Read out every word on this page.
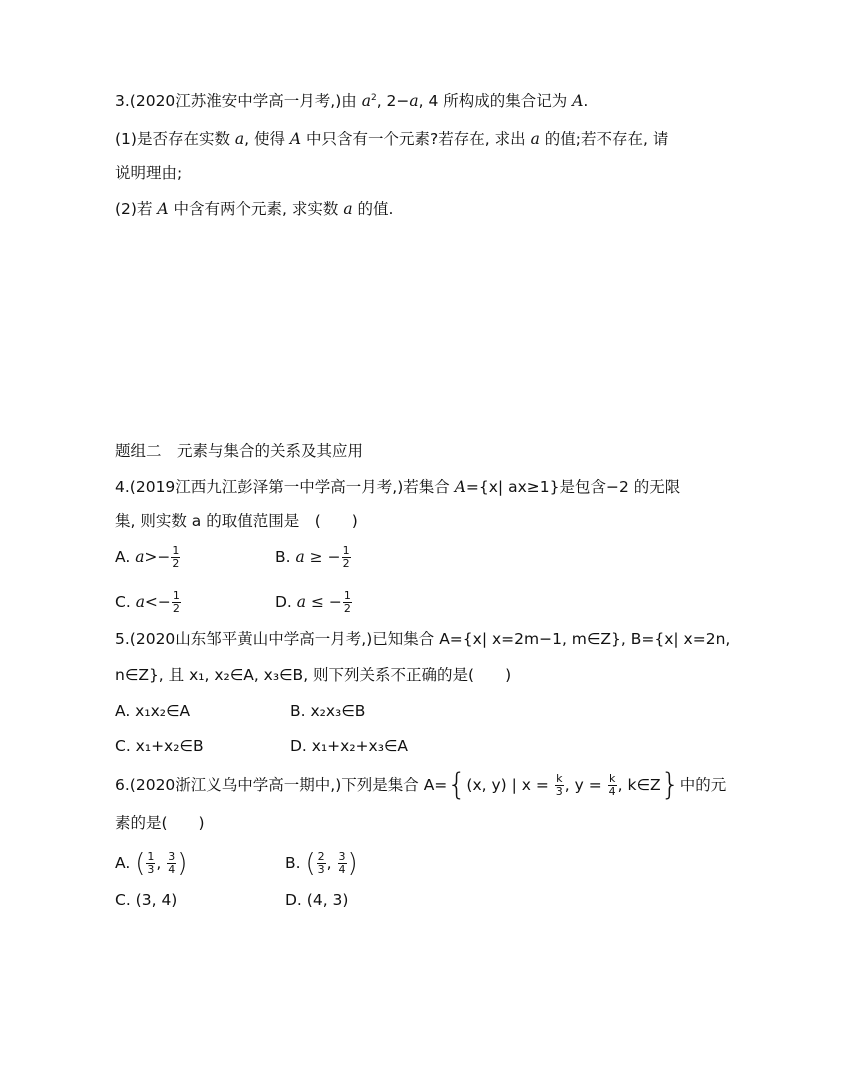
3.(2020江苏淮安中学高一月考,)由 $a^2$, 2−a, 4 所构成的集合记为 A.
(1)是否存在实数 a, 使得 A 中只含有一个元素?若存在, 求出 a 的值;若不存在, 请
说明理由;
(2)若 A 中含有两个元素, 求实数 a 的值.
题组二　元素与集合的关系及其应用
4.(2019江西九江彭泽第一中学高一月考,)若集合 A={x| ax≥1}是包含−2 的无限
集, 则实数 a 的取值范围是　(　　)
A. $a>- \frac{1}{2}$	B. a ≥ − $\frac{1}{2}$
C. $a<- \frac{1}{2}$	D. a ≤ − $\frac{1}{2}$
5.(2020山东邹平黄山中学高一月考,)已知集合 A={x| x=2m−1, m∈Z}, B={x| x=2n,
n∈Z}, 且 x₁, x₂∈A, x₃∈B, 则下列关系不正确的是(　　)
A. x₁x₂∈A	B. x₂x₃∈B
C. x₁+x₂∈B	D. x₁+x₂+x₃∈A
6.(2020浙江义乌中学高一期中,)下列是集合 A={(x, y) | $x = \frac{k}{3}$ , $y = \frac{k}{4}$ , k∈Z}中的元
素的是(　　)
A. ( $\frac{1}{3}$ , $\frac{3}{4}$ )	B. ( $\frac{2}{3}$ , $\frac{3}{4}$ )
C. (3, 4)	D. (4, 3)
